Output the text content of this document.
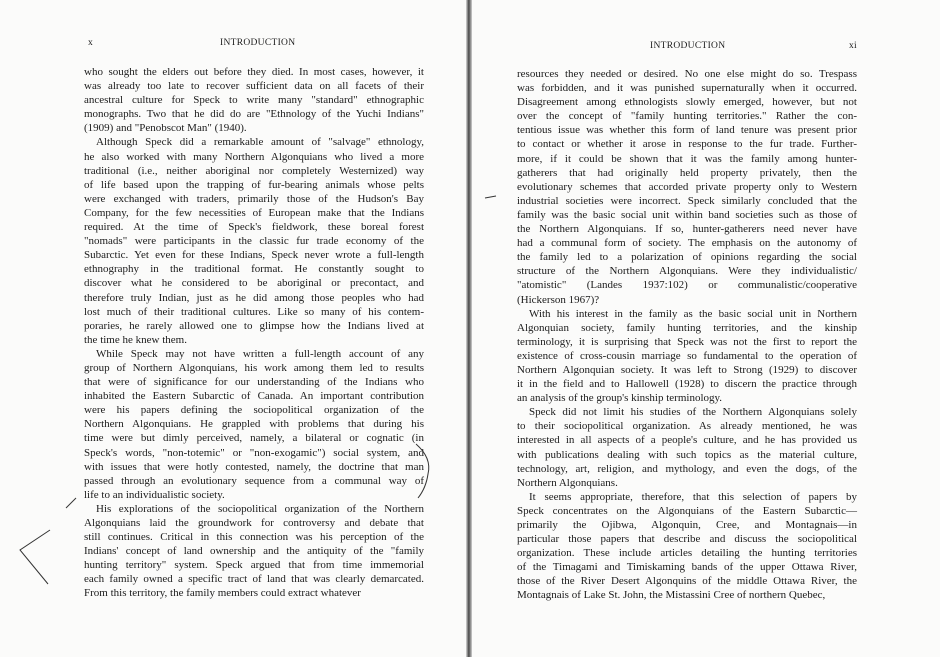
x	INTRODUCTION
who sought the elders out before they died. In most cases, however, it
was already too late to recover sufficient data on all facets of their
ancestral culture for Speck to write many "standard" ethnographic
monographs. Two that he did do are "Ethnology of the Yuchi Indians"
(1909) and "Penobscot Man" (1940).
Although Speck did a remarkable amount of "salvage" ethnology,
he also worked with many Northern Algonquians who lived a more
traditional (i.e., neither aboriginal nor completely Westernized) way
of life based upon the trapping of fur-bearing animals whose pelts
were exchanged with traders, primarily those of the Hudson's Bay
Company, for the few necessities of European make that the Indians
required. At the time of Speck's fieldwork, these boreal forest
"nomads" were participants in the classic fur trade economy of the
Subarctic. Yet even for these Indians, Speck never wrote a full-length
ethnography in the traditional format. He constantly sought to
discover what he considered to be aboriginal or precontact, and
therefore truly Indian, just as he did among those peoples who had
lost much of their traditional cultures. Like so many of his contem-
poraries, he rarely allowed one to glimpse how the Indians lived at
the time he knew them.
While Speck may not have written a full-length account of any
group of Northern Algonquians, his work among them led to results
that were of significance for our understanding of the Indians who
inhabited the Eastern Subarctic of Canada. An important contribution
were his papers defining the sociopolitical organization of the
Northern Algonquians. He grappled with problems that during his
time were but dimly perceived, namely, a bilateral or cognatic (in
Speck's words, "non-totemic" or "non-exogamic") social system, and
with issues that were hotly contested, namely, the doctrine that man
passed through an evolutionary sequence from a communal way of
life to an individualistic society.
His explorations of the sociopolitical organization of the Northern
Algonquians laid the groundwork for controversy and debate that
still continues. Critical in this connection was his perception of the
Indians' concept of land ownership and the antiquity of the "family
hunting territory" system. Speck argued that from time immemorial
each family owned a specific tract of land that was clearly demarcated.
From this territory, the family members could extract whatever
INTRODUCTION	xi
resources they needed or desired. No one else might do so. Trespass
was forbidden, and it was punished supernaturally when it occurred.
Disagreement among ethnologists slowly emerged, however, but not
over the concept of "family hunting territories." Rather the con-
tentious issue was whether this form of land tenure was present prior
to contact or whether it arose in response to the fur trade. Further-
more, if it could be shown that it was the family among hunter-
gatherers that had originally held property privately, then the
evolutionary schemes that accorded private property only to Western
industrial societies were incorrect. Speck similarly concluded that the
family was the basic social unit within band societies such as those of
the Northern Algonquians. If so, hunter-gatherers need never have
had a communal form of society. The emphasis on the autonomy of
the family led to a polarization of opinions regarding the social
structure of the Northern Algonquians. Were they individualistic/
"atomistic" (Landes 1937:102) or communalistic/cooperative
(Hickerson 1967)?
With his interest in the family as the basic social unit in Northern
Algonquian society, family hunting territories, and the kinship
terminology, it is surprising that Speck was not the first to report the
existence of cross-cousin marriage so fundamental to the operation of
Northern Algonquian society. It was left to Strong (1929) to discover
it in the field and to Hallowell (1928) to discern the practice through
an analysis of the group's kinship terminology.
Speck did not limit his studies of the Northern Algonquians solely
to their sociopolitical organization. As already mentioned, he was
interested in all aspects of a people's culture, and he has provided us
with publications dealing with such topics as the material culture,
technology, art, religion, and mythology, and even the dogs, of the
Northern Algonquians.
It seems appropriate, therefore, that this selection of papers by
Speck concentrates on the Algonquians of the Eastern Subarctic—
primarily the Ojibwa, Algonquin, Cree, and Montagnais—in
particular those papers that describe and discuss the sociopolitical
organization. These include articles detailing the hunting territories
of the Timagami and Timiskaming bands of the upper Ottawa River,
those of the River Desert Algonquins of the middle Ottawa River, the
Montagnais of Lake St. John, the Mistassini Cree of northern Quebec,
